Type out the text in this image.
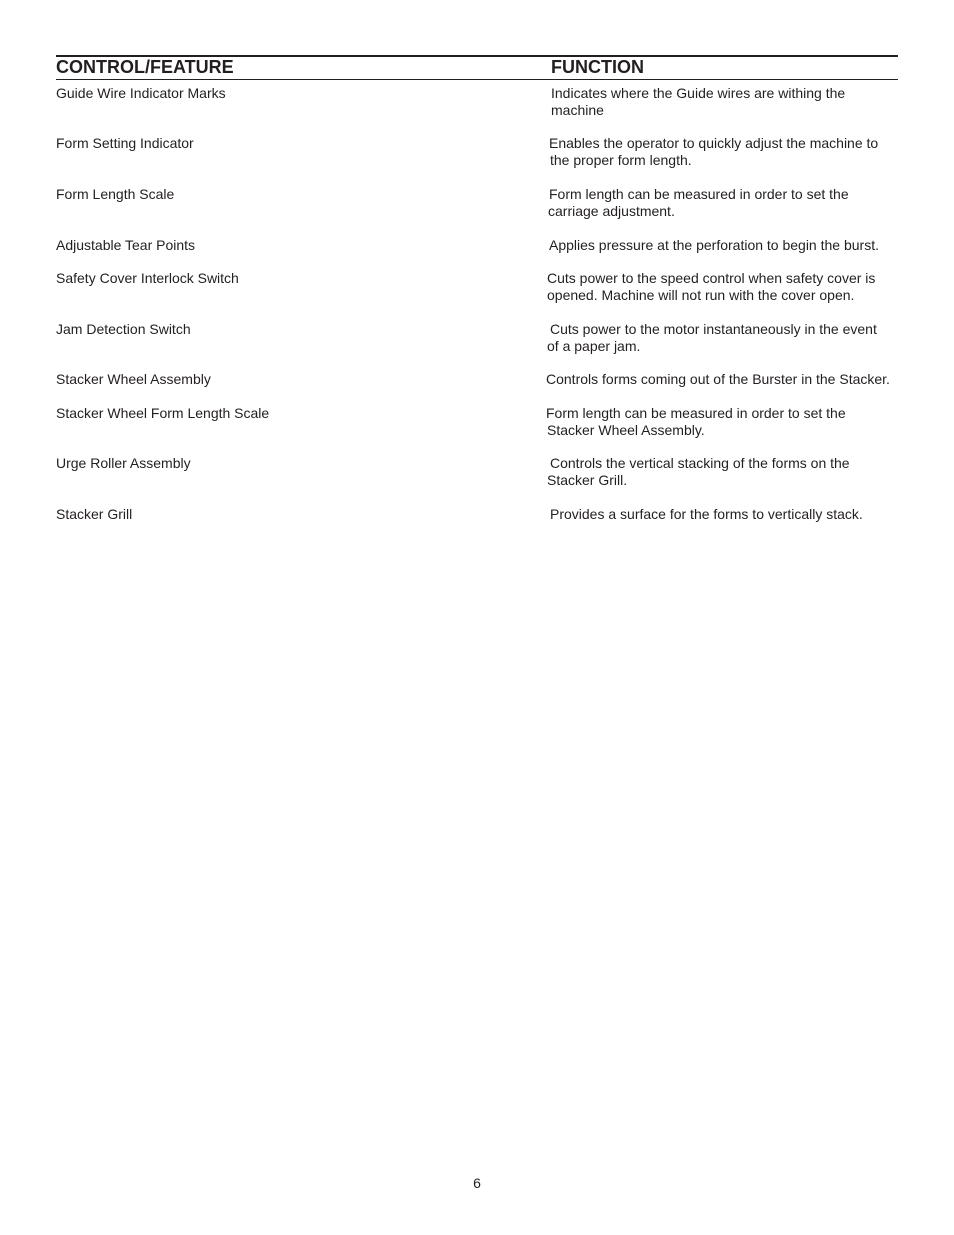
CONTROL/FEATURE	FUNCTION
Guide Wire Indicator Marks	Indicates where the Guide wires are withing the
machine
Form Setting Indicator	Enables the operator to quickly adjust the machine to
the proper form length.
Form Length Scale	Form length can be measured in order to set the
carriage adjustment.
Adjustable Tear Points	Applies pressure at the perforation to begin the burst.
Safety Cover Interlock Switch	Cuts power to the speed control when safety cover is
opened. Machine will not run with the cover open.
Jam Detection Switch	Cuts power to the motor instantaneously in the event
of a paper jam.
Stacker Wheel Assembly	Controls forms coming out of the Burster in the Stacker.
Stacker Wheel Form Length Scale	Form length can be measured in order to set the
Stacker Wheel Assembly.
Urge Roller Assembly	Controls the vertical stacking of the forms on the
Stacker Grill.
Stacker Grill	Provides a surface for the forms to vertically stack.
6
